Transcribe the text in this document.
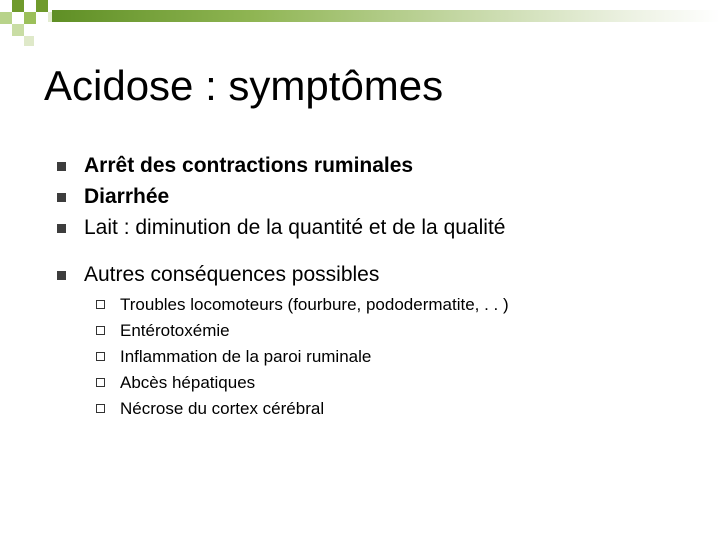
Acidose : symptômes
Arrêt des contractions ruminales
Diarrhée
Lait : diminution de la quantité et de la qualité
Autres conséquences possibles
Troubles locomoteurs (fourbure, pododermatite, . . )
Entérotoxémie
Inflammation de la paroi ruminale
Abcès hépatiques
Nécrose du cortex cérébral
